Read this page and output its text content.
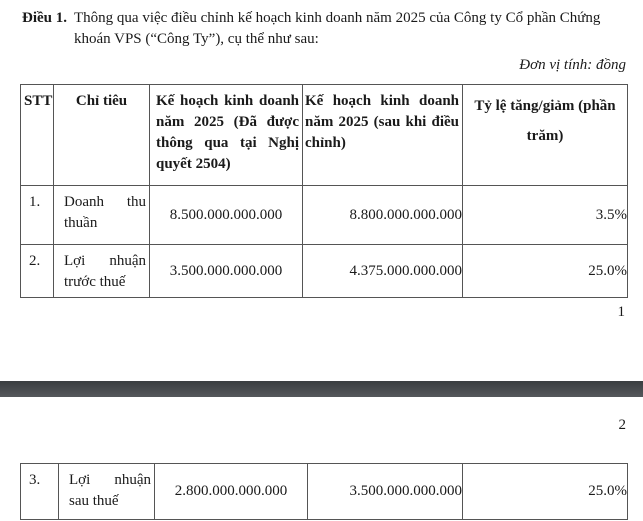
Điều 1. Thông qua việc điều chỉnh kế hoạch kinh doanh năm 2025 của Công ty Cổ phần Chứng khoán VPS (“Công Ty”), cụ thể như sau:
Đơn vị tính: đồng
STT	Chỉ tiêu	Kế hoạch kinh doanh năm 2025 (Đã được thông qua tại Nghị quyết 2504)	Kế hoạch kinh doanh năm 2025 (sau khi điều chỉnh)	Tỷ lệ tăng/giảm (phần trăm)
1.	Doanh thu thuần	8.500.000.000.000	8.800.000.000.000	3.5%
2.	Lợi nhuận trước thuế	3.500.000.000.000	4.375.000.000.000	25.0%
1
2
3.	Lợi nhuận sau thuế	2.800.000.000.000	3.500.000.000.000	25.0%
